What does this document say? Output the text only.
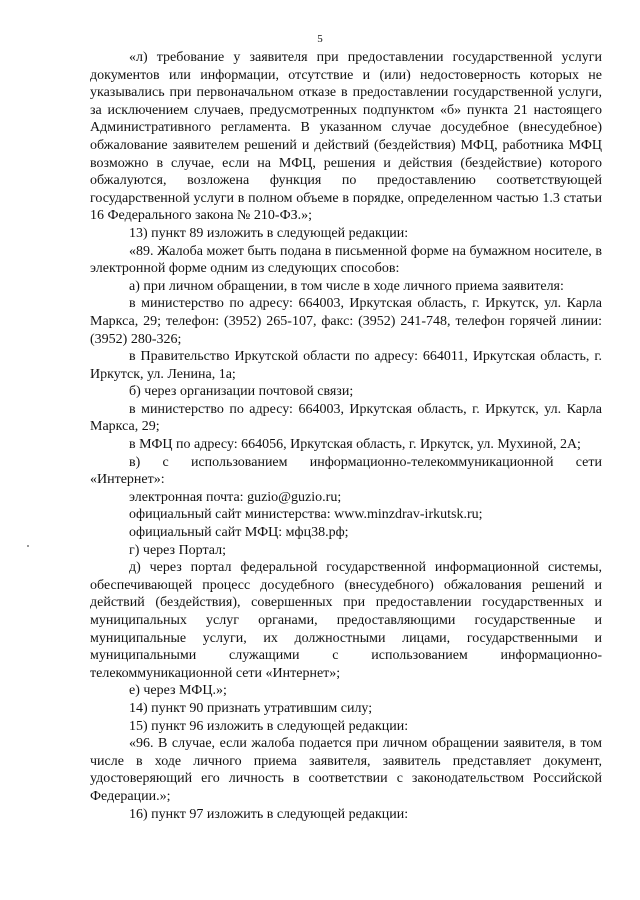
5

«л) требование у заявителя при предоставлении государственной услуги документов или информации, отсутствие и (или) недостоверность которых не указывались при первоначальном отказе в предоставлении государственной услуги, за исключением случаев, предусмотренных подпунктом «б» пункта 21 настоящего Административного регламента. В указанном случае досудебное (внесудебное) обжалование заявителем решений и действий (бездействия) МФЦ, работника МФЦ возможно в случае, если на МФЦ, решения и действия (бездействие) которого обжалуются, возложена функция по предоставлению соответствующей государственной услуги в полном объеме в порядке, определенном частью 1.3 статьи 16 Федерального закона № 210-ФЗ.»;

13) пункт 89 изложить в следующей редакции:

«89. Жалоба может быть подана в письменной форме на бумажном носителе, в электронной форме одним из следующих способов:

а) при личном обращении, в том числе в ходе личного приема заявителя:

в министерство по адресу: 664003, Иркутская область, г. Иркутск, ул. Карла Маркса, 29; телефон: (3952) 265-107, факс: (3952) 241-748, телефон горячей линии: (3952) 280-326;

в Правительство Иркутской области по адресу: 664011, Иркутская область, г. Иркутск, ул. Ленина, 1а;

б) через организации почтовой связи;

в министерство по адресу: 664003, Иркутская область, г. Иркутск, ул. Карла Маркса, 29;

в МФЦ по адресу: 664056, Иркутская область, г. Иркутск, ул. Мухиной, 2А;

в) с использованием информационно-телекоммуникационной сети «Интернет»:

электронная почта: guzio@guzio.ru;

официальный сайт министерства: www.minzdrav-irkutsk.ru;

официальный сайт МФЦ: мфц38.рф;

г) через Портал;

д) через портал федеральной государственной информационной системы, обеспечивающей процесс досудебного (внесудебного) обжалования решений и действий (бездействия), совершенных при предоставлении государственных и муниципальных услуг органами, предоставляющими государственные и муниципальные услуги, их должностными лицами, государственными и муниципальными служащими с использованием информационно-телекоммуникационной сети «Интернет»;

е) через МФЦ.»;

14) пункт 90 признать утратившим силу;

15) пункт 96 изложить в следующей редакции:

«96. В случае, если жалоба подается при личном обращении заявителя, в том числе в ходе личного приема заявителя, заявитель представляет документ, удостоверяющий его личность в соответствии с законодательством Российской Федерации.»;

16) пункт 97 изложить в следующей редакции:
